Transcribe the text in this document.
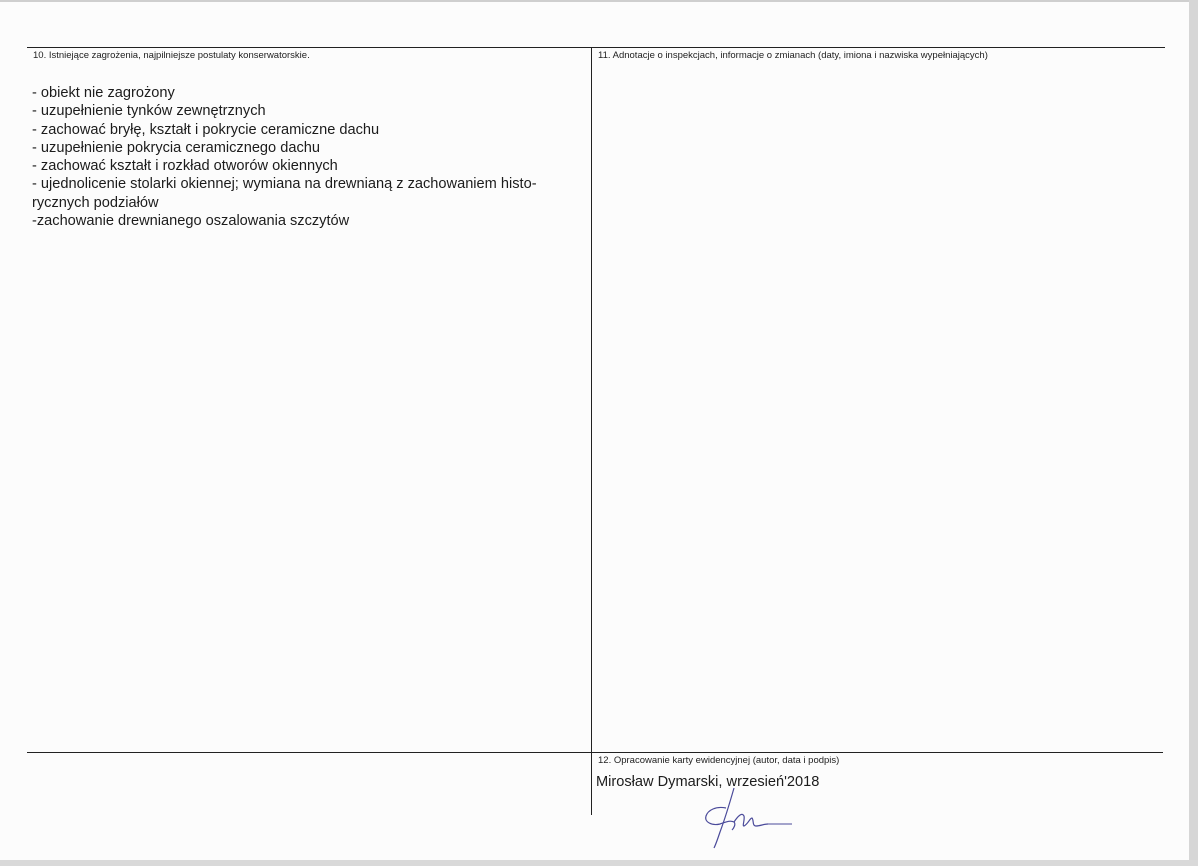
10. Istniejące zagrożenia, najpilniejsze postulaty konserwatorskie.
- obiekt nie zagrożony
- uzupełnienie tynków zewnętrznych
- zachować bryłę, kształt i pokrycie ceramiczne dachu
- uzupełnienie pokrycia ceramicznego dachu
- zachować kształt i rozkład otworów okiennych
- ujednolicenie stolarki okiennej; wymiana na drewnianą z zachowaniem histo-
rycznych podziałów
-zachowanie drewnianego oszalowania szczytów
11. Adnotacje o inspekcjach, informacje o zmianach (daty, imiona i nazwiska wypełniających)
12. Opracowanie karty ewidencyjnej (autor, data i podpis)
Mirosław Dymarski, wrzesień'2018
